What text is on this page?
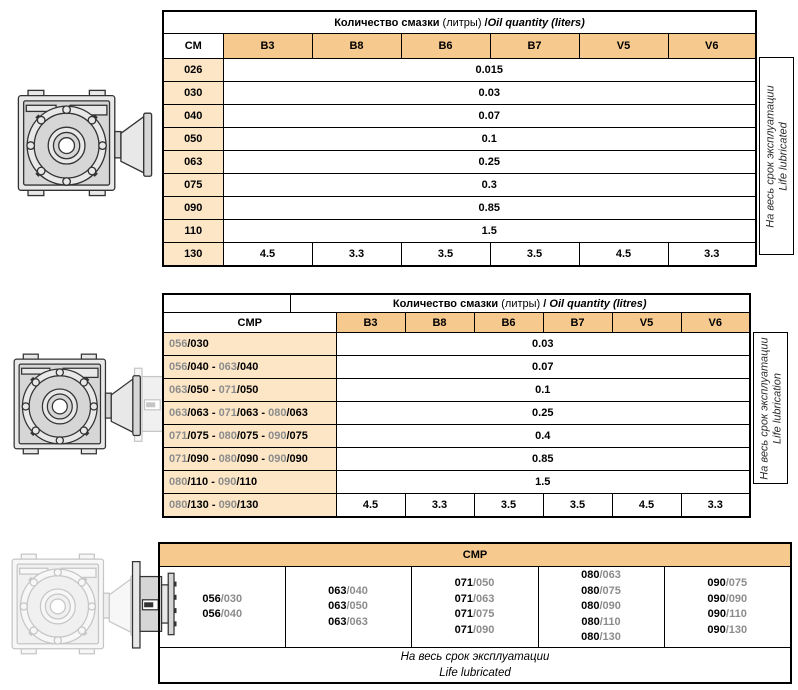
Количество смазки (литры) /Oil quantity (liters)						
CM	B3	B8	B6	B7	V5	V6
026	0.015					
030	0.03					
040	0.07					
050	0.1					
063	0.25					
075	0.3					
090	0.85					
110	1.5					
130	4.5	3.3	3.5	3.5	4.5	3.3
На весь срок эксплуатации Life lubricated
	Количество смазки (литры) / Oil quantity (litres)						
CMP		B3	B8	B6	B7	V5	V6
056/030		0.03					
056/040 - 063/040		0.07					
063/050 - 071/050		0.1					
063/063 - 071/063 - 080/063		0.25					
071/075 - 080/075 - 090/075		0.4					
071/090 - 080/090 - 090/090		0.85					
080/110 - 090/110		1.5					
080/130 - 090/130		4.5	3.3	3.5	3.5	4.5	3.3
На весь срок эксплуатации Life lubrication
CMP

056/030
056/040

063/040
063/050
063/063

071/050
071/063
071/075
071/090

080/063
080/075
080/090
080/110
080/130

090/075
090/090
090/110
090/130

На весь срок эксплуатации
Life lubricated
